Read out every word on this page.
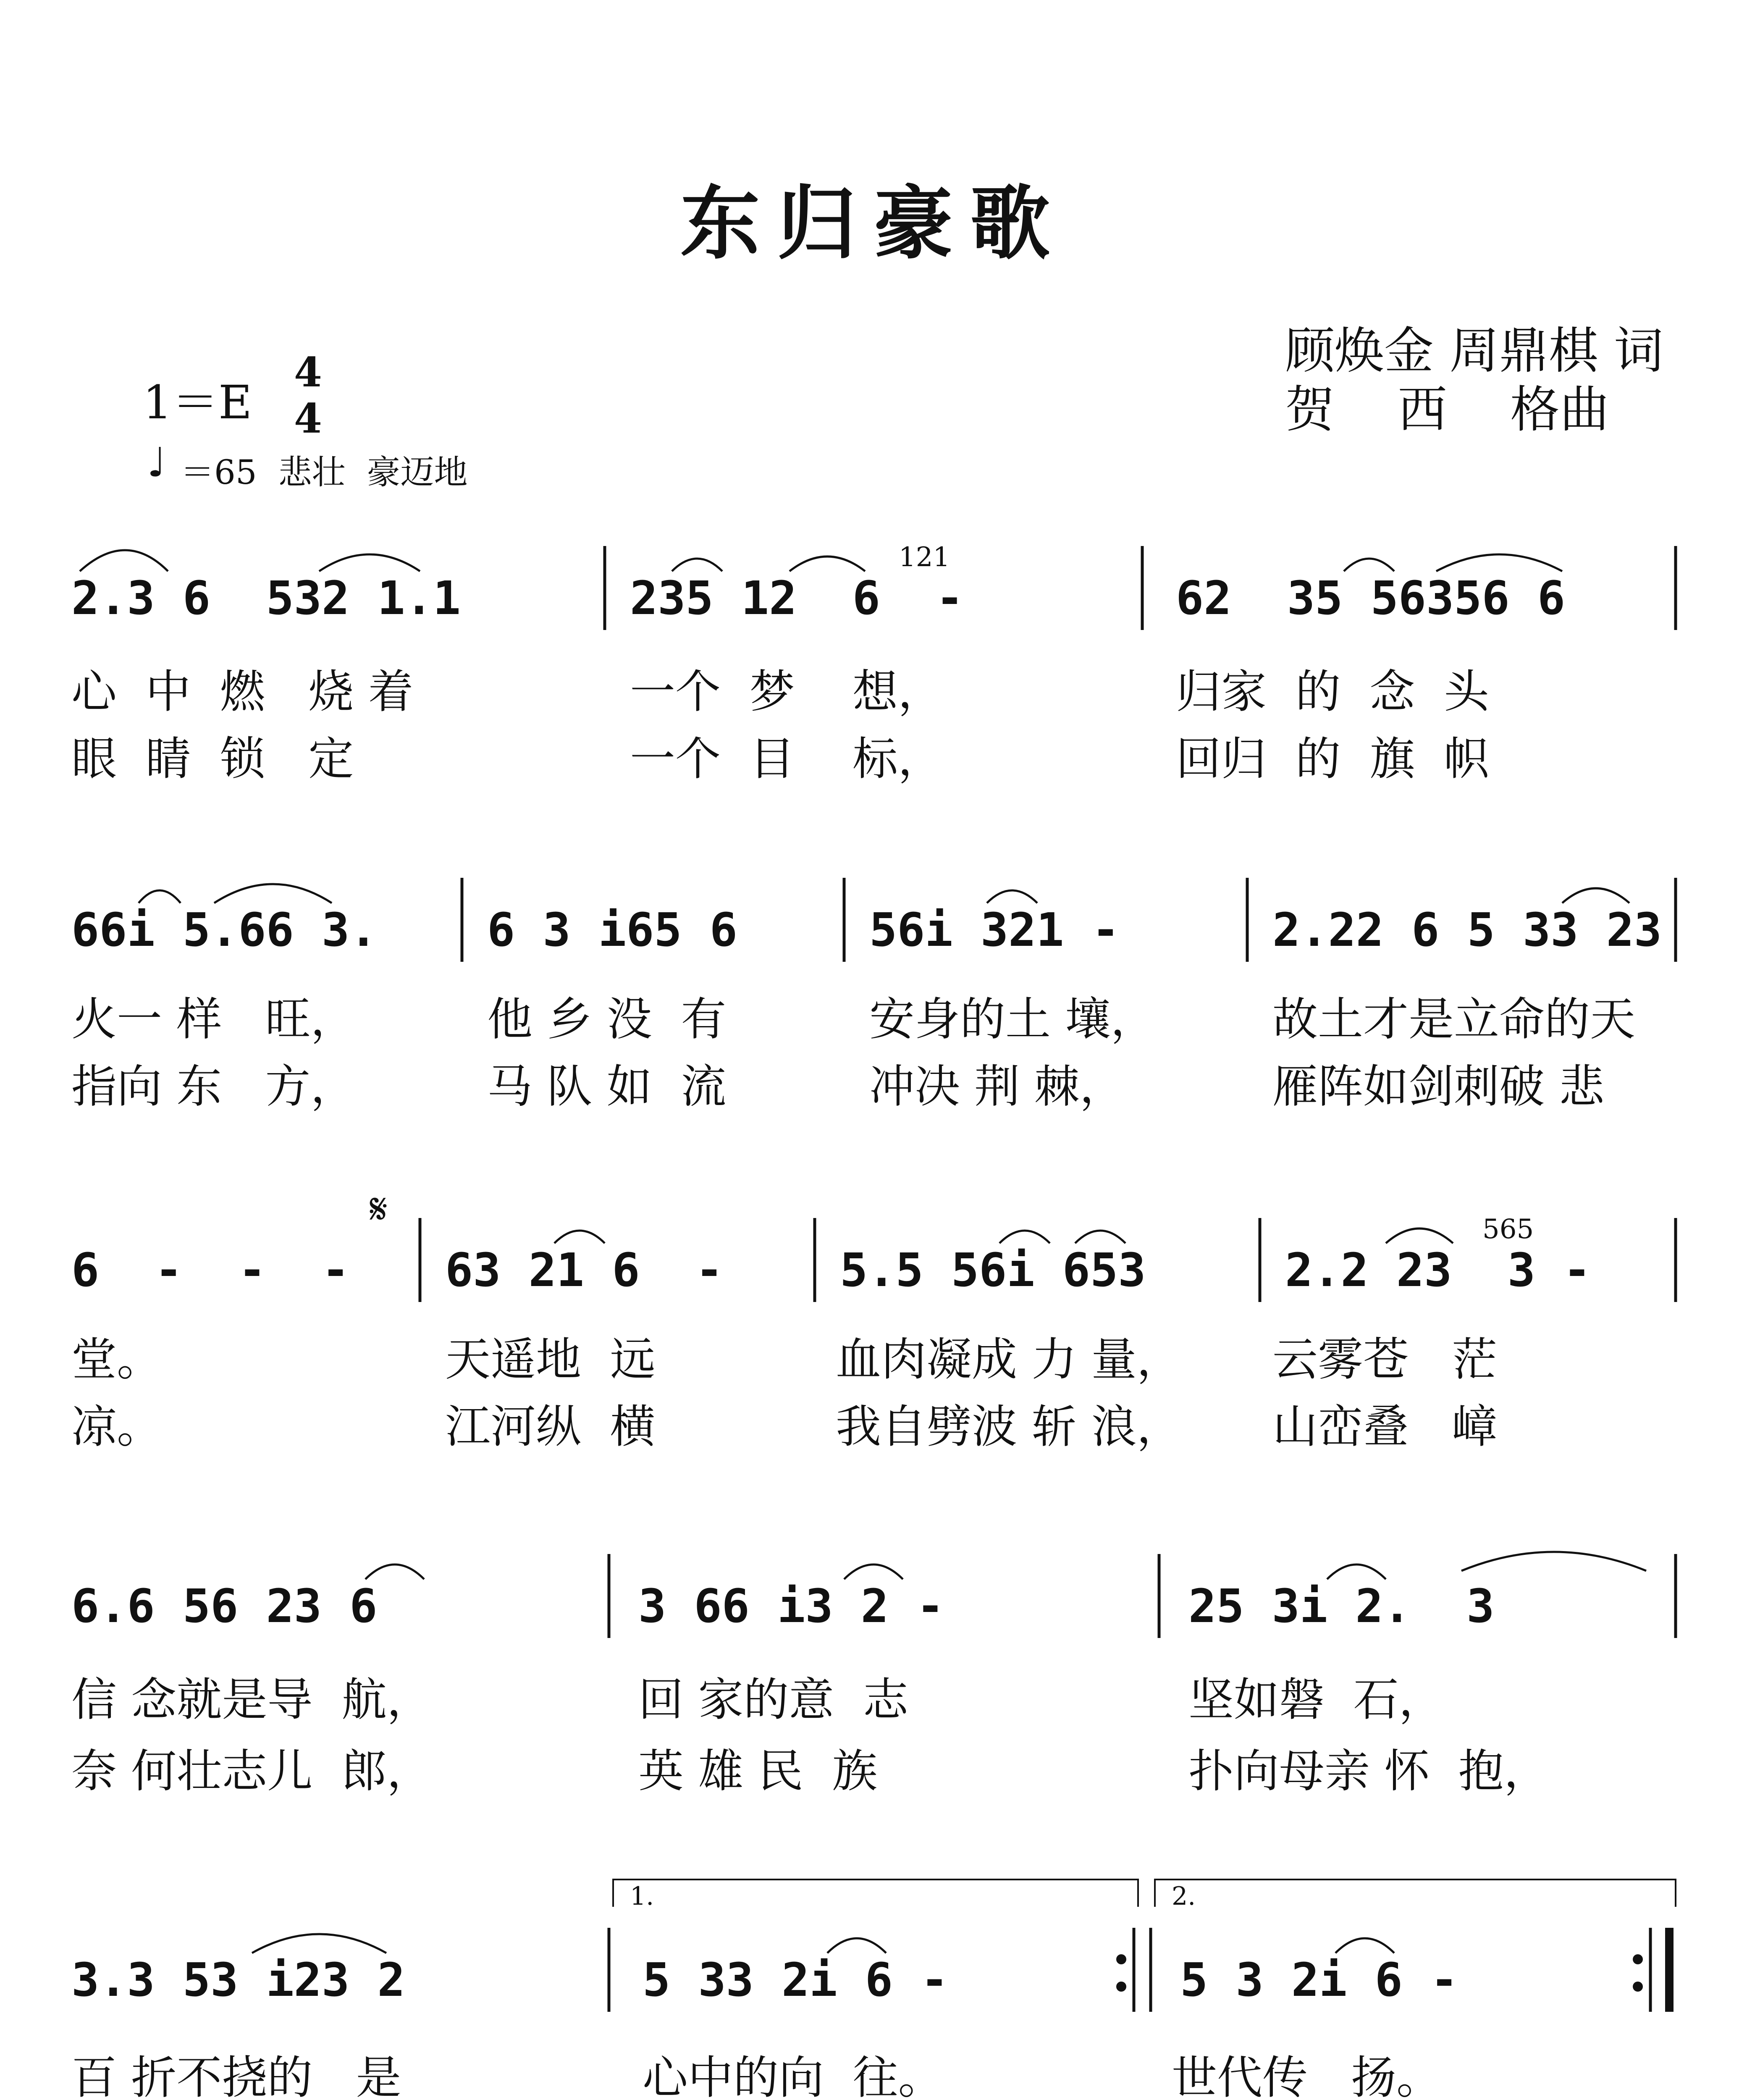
东归豪歌
顾焕金 周鼎棋 词
贺    西    格曲
1＝E
4
4
♩ ＝65  悲壮  豪迈地
2.3 6  532 1.1	235 12  6  -	62  35 56356 6
121
心  中  燃   烧 着	一个  梦    想，	归家  的  念  头
眼  睛  锁   定	一个  目    标，	回归  的  旗  帜
66i 5.66 3. 6 3 i65 6	56i 321 -	2.22 6 5 33 23
火一 样   旺，	他 乡 没  有	安身的土 壤，	故土才是立命的天
指向 东   方，	马 队 如  流	冲决 荆 棘，	雁阵如剑刺破 悲
𝄋
6  -  -  - 63 21 6  -	5.5 56i 653	2.2 23  3 -
565
堂。	天遥地  远	血肉凝成 力 量， 云雾苍   茫
凉。	江河纵  横	我自劈波 斩 浪， 山峦叠   嶂
6.6 56 23 6	3 66 i3 2 -	25 3i 2.  3
信 念就是导  航，	回 家的意  志	坚如磐  石，
奈 何壮志儿  郎，	英 雄 民  族	扑向母亲 怀  抱，
1.	2.
3.3 53 i23 2	5 33 2i 6 -	5 3 2i 6 -
百 折不挠的   是	心中的向  往。	世代传   扬。
